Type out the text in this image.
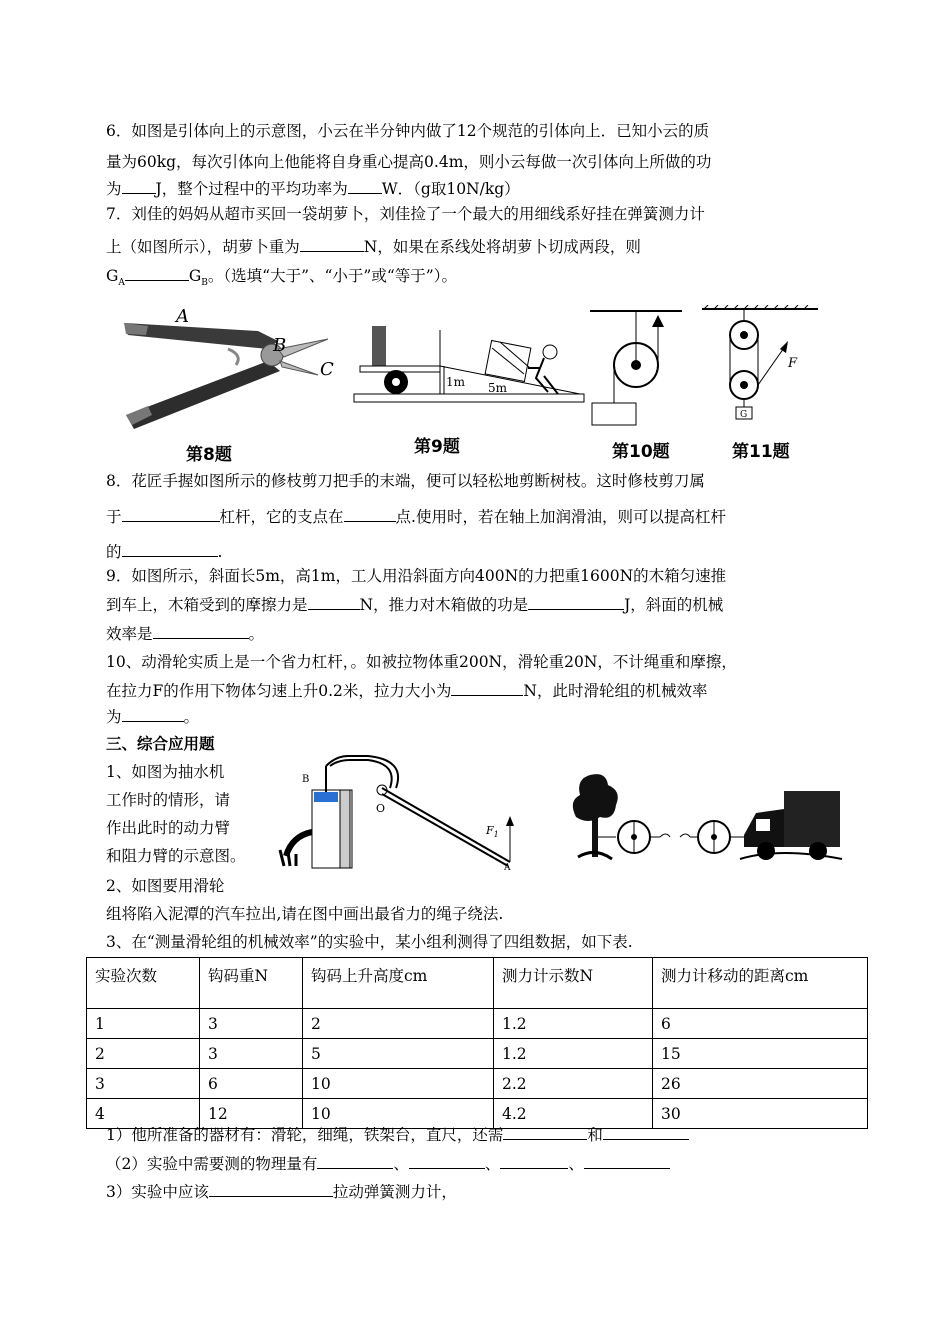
6．如图是引体向上的示意图，小云在半分钟内做了12个规范的引体向上．已知小云的质
量为60kg，每次引体向上他能将自身重心提高0.4m，则小云每做一次引体向上所做的功
为 J，整个过程中的平均功率为 W．（g取10N/kg）
7．刘佳的妈妈从超市买回一袋胡萝卜，刘佳捡了一个最大的用细线系好挂在弹簧测力计
上（如图所示），胡萝卜重为	N，如果在系线处将胡萝卜切成两段，则
$G_A$	$G_B$。（选填“大于”、“小于”或“等于”）。
A
B
C
第8题
1m 5m
第9题	第10题
F
G
第11题
8．花匠手握如图所示的修枝剪刀把手的末端，便可以轻松地剪断树枝。这时修枝剪刀属
于	杠杆，它的支点在	点.使用时，若在轴上加润滑油，则可以提高杠杆
的	.
9．如图所示，斜面长5m，高1m，工人用沿斜面方向400N的力把重1600N的木箱匀速推
到车上，木箱受到的摩擦力是	N，推力对木箱做的功是	J，斜面的机械
效率是	。
10、动滑轮实质上是一个省力杠杆，。如被拉物体重200N，滑轮重20N，不计绳重和摩擦，
在拉力F的作用下物体匀速上升0.2米，拉力大小为	N，此时滑轮组的机械效率
为	。
三、综合应用题
1、如图为抽水机
工作时的情形，请
作出此时的动力臂
和阻力臂的示意图。
2、如图要用滑轮
组将陷入泥潭的汽车拉出,请在图中画出最省力的绳子绕法.
3、在“测量滑轮组的机械效率”的实验中，某小组利测得了四组数据，如下表.
B
O
$F_1$
A
实验次数	钩码重N	钩码上升高度cm	测力计示数N	测力计移动的距离cm
1	3	2	1.2	6
2	3	5	1.2	15
3	6	10	2.2	26
4	12	10	4.2	30
1）他所准备的器材有：滑轮，细绳，铁架台，直尺，还需	和
（2）实验中需要测的物理量有	、	、	、
3）实验中应该	拉动弹簧测力计，
